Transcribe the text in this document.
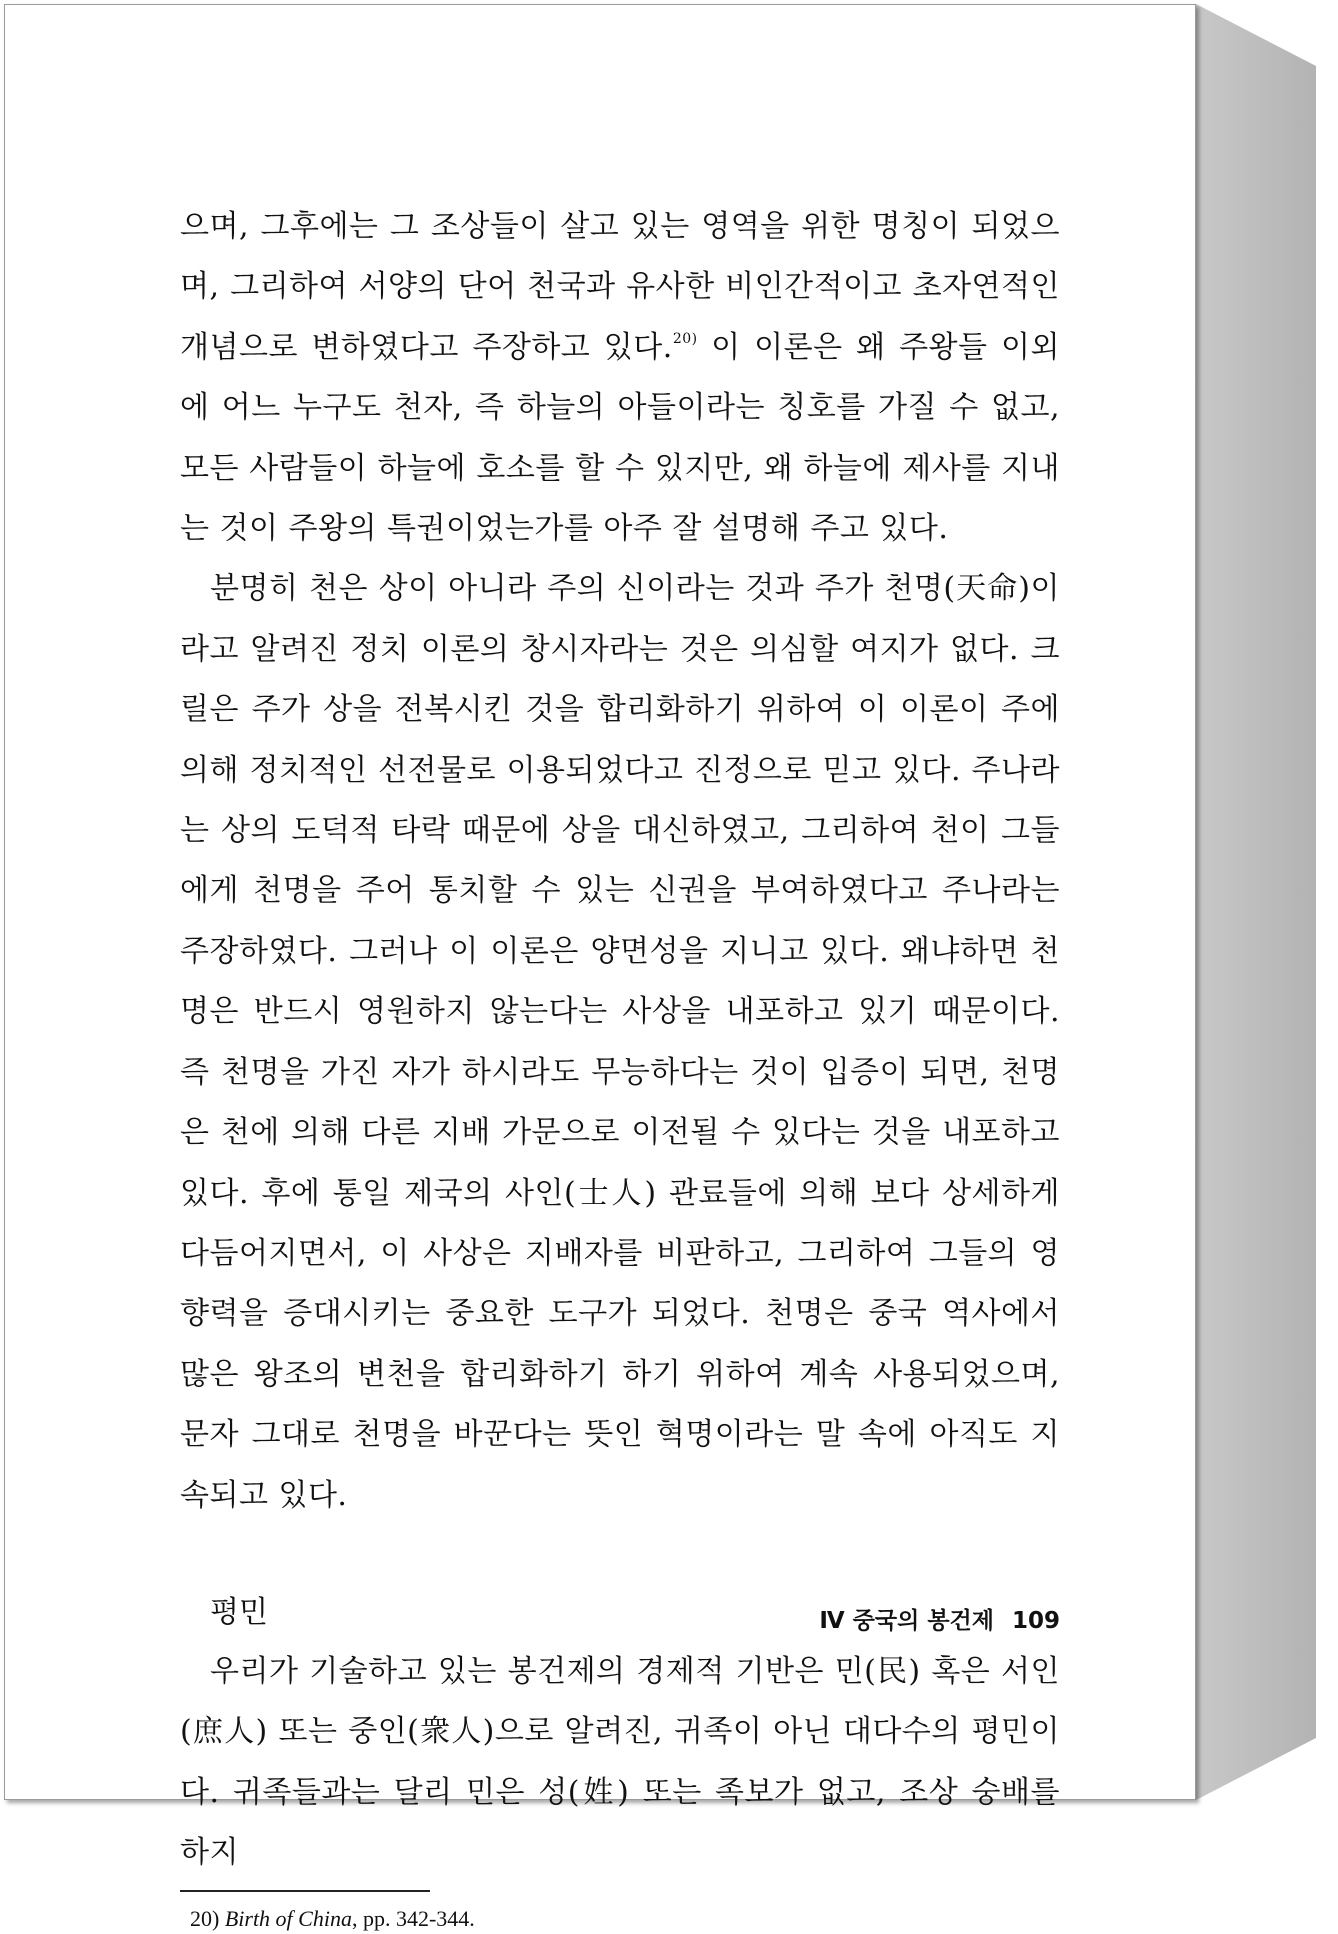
으며, 그후에는 그 조상들이 살고 있는 영역을 위한 명칭이 되었으며, 그리하여 서양의 단어 천국과 유사한 비인간적이고 초자연적인 개념으로 변하였다고 주장하고 있다.$^{20)}$ 이 이론은 왜 주왕들 이외에 어느 누구도 천자, 즉 하늘의 아들이라는 칭호를 가질 수 없고, 모든 사람들이 하늘에 호소를 할 수 있지만, 왜 하늘에 제사를 지내는 것이 주왕의 특권이었는가를 아주 잘 설명해 주고 있다.

분명히 천은 상이 아니라 주의 신이라는 것과 주가 천명(天命)이라고 알려진 정치 이론의 창시자라는 것은 의심할 여지가 없다. 크릴은 주가 상을 전복시킨 것을 합리화하기 위하여 이 이론이 주에 의해 정치적인 선전물로 이용되었다고 진정으로 믿고 있다. 주나라는 상의 도덕적 타락 때문에 상을 대신하였고, 그리하여 천이 그들에게 천명을 주어 통치할 수 있는 신권을 부여하였다고 주나라는 주장하였다. 그러나 이 이론은 양면성을 지니고 있다. 왜냐하면 천명은 반드시 영원하지 않는다는 사상을 내포하고 있기 때문이다. 즉 천명을 가진 자가 하시라도 무능하다는 것이 입증이 되면, 천명은 천에 의해 다른 지배 가문으로 이전될 수 있다는 것을 내포하고 있다. 후에 통일 제국의 사인(士人) 관료들에 의해 보다 상세하게 다듬어지면서, 이 사상은 지배자를 비판하고, 그리하여 그들의 영향력을 증대시키는 중요한 도구가 되었다. 천명은 중국 역사에서 많은 왕조의 변천을 합리화하기 하기 위하여 계속 사용되었으며, 문자 그대로 천명을 바꾼다는 뜻인 혁명이라는 말 속에 아직도 지속되고 있다.

평민

우리가 기술하고 있는 봉건제의 경제적 기반은 민(民) 혹은 서인(庶人) 또는 중인(衆人)으로 알려진, 귀족이 아닌 대다수의 평민이다. 귀족들과는 달리 민은 성(姓) 또는 족보가 없고, 조상 숭배를 하지

20) Birth of China, pp. 342-344.

Ⅳ 중국의 봉건제 109
